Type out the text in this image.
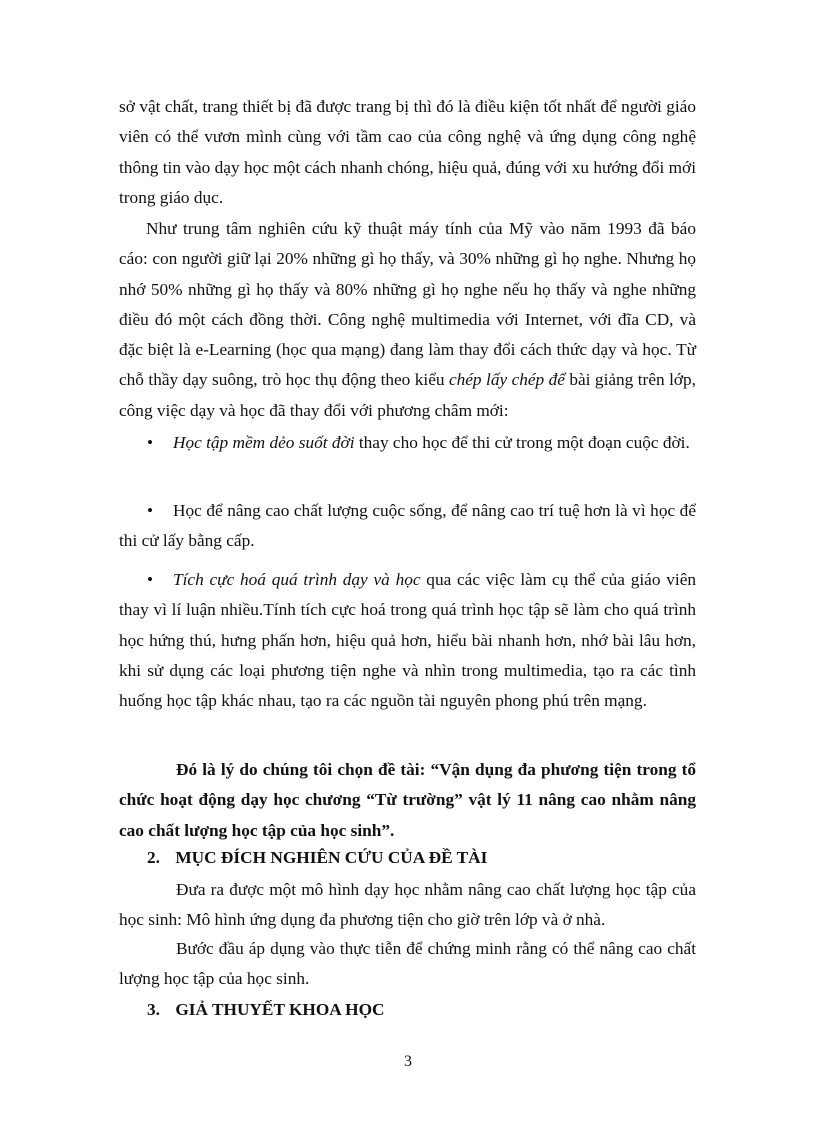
sở vật chất, trang thiết bị đã được trang bị thì đó là điều kiện tốt nhất để người giáo viên có thể vươn mình cùng với tầm cao của công nghệ và ứng dụng công nghệ thông tin vào dạy học một cách nhanh chóng, hiệu quả, đúng với xu hướng đổi mới trong giáo dục.

Như trung tâm nghiên cứu kỹ thuật máy tính của Mỹ vào năm 1993 đã báo cáo: con người giữ lại 20% những gì họ thấy, và 30% những gì họ nghe. Nhưng họ nhớ 50% những gì họ thấy và 80% những gì họ nghe nếu họ thấy và nghe những điều đó một cách đồng thời. Công nghệ multimedia với Internet, với đĩa CD, và đặc biệt là e-Learning (học qua mạng) đang làm thay đổi cách thức dạy và học. Từ chỗ thầy dạy suông, trò học thụ động theo kiểu chép lấy chép để bài giảng trên lớp, công việc dạy và học đã thay đổi với phương châm mới:

• Học tập mềm dẻo suốt đời thay cho học để thi cử trong một đoạn cuộc đời.

• Học để nâng cao chất lượng cuộc sống, để nâng cao trí tuệ hơn là vì học để thi cử lấy bằng cấp.

• Tích cực hoá quá trình dạy và học qua các việc làm cụ thể của giáo viên thay vì lí luận nhiều.Tính tích cực hoá trong quá trình học tập sẽ làm cho quá trình học hứng thú, hưng phấn hơn, hiệu quả hơn, hiểu bài nhanh hơn, nhớ bài lâu hơn, khi sử dụng các loại phương tiện nghe và nhìn trong multimedia, tạo ra các tình huống học tập khác nhau, tạo ra các nguồn tài nguyên phong phú trên mạng.

Đó là lý do chúng tôi chọn đề tài: “Vận dụng đa phương tiện trong tổ chức hoạt động dạy học chương “Từ trường” vật lý 11 nâng cao nhằm nâng cao chất lượng học tập của học sinh”.

2. MỤC ĐÍCH NGHIÊN CỨU CỦA ĐỀ TÀI

Đưa ra được một mô hình dạy học nhằm nâng cao chất lượng học tập của học sinh: Mô hình ứng dụng đa phương tiện cho giờ trên lớp và ở nhà.

Bước đầu áp dụng vào thực tiễn để chứng minh rằng có thể nâng cao chất lượng học tập của học sinh.

3. GIẢ THUYẾT KHOA HỌC
3
